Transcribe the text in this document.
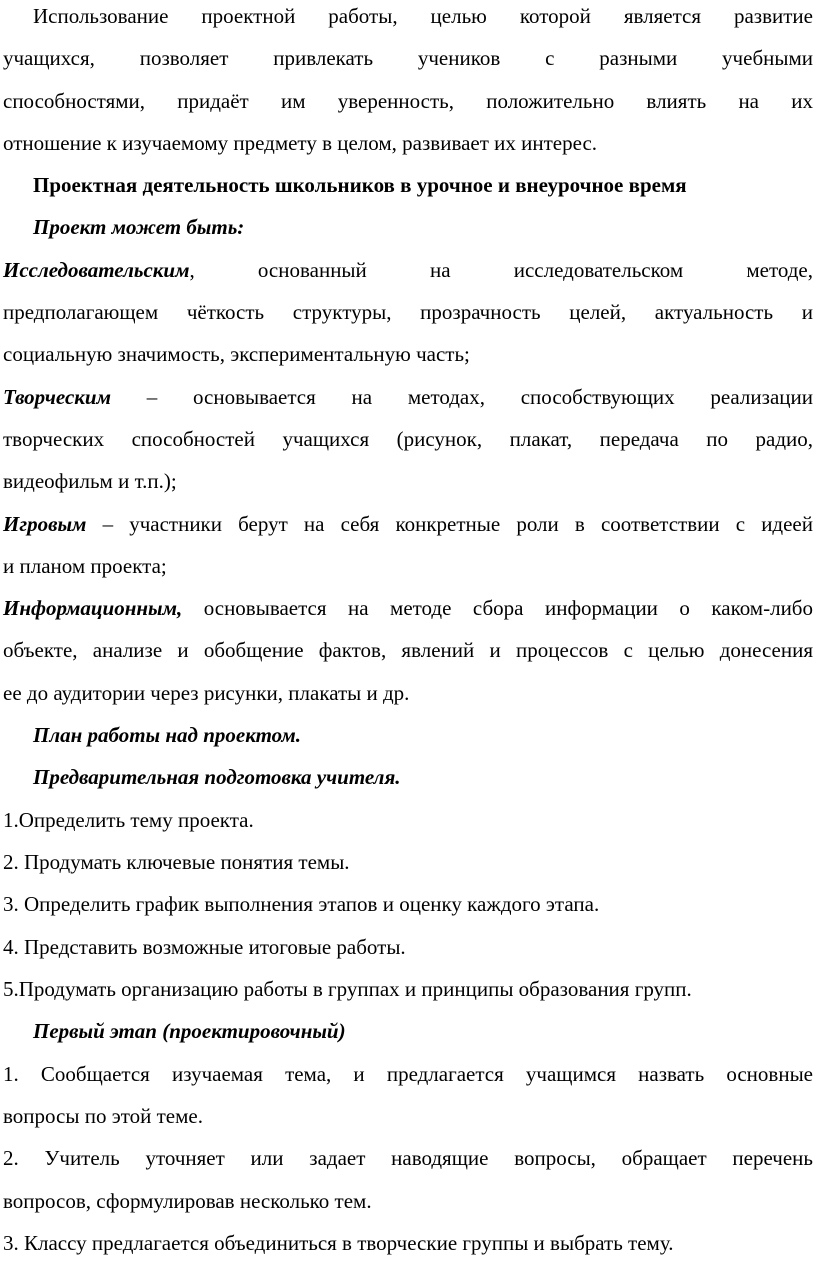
Использование проектной работы, целью которой является развитие
учащихся, позволяет привлекать учеников с разными учебными
способностями, придаёт им уверенность, положительно влиять на их
отношение к изучаемому предмету в целом, развивает их интерес.
Проектная деятельность школьников в урочное и внеурочное время
Проект может быть:
Исследовательским, основанный на исследовательском методе,
предполагающем чёткость структуры, прозрачность целей, актуальность и
социальную значимость, экспериментальную часть;
Творческим – основывается на методах, способствующих реализации
творческих способностей учащихся (рисунок, плакат, передача по радио,
видеофильм и т.п.);
Игровым – участники берут на себя конкретные роли в соответствии с идеей
и планом проекта;
Информационным, основывается на методе сбора информации о каком-либо
объекте, анализе и обобщение фактов, явлений и процессов с целью донесения
ее до аудитории через рисунки, плакаты и др.
План работы над проектом.
Предварительная подготовка учителя.
1.Определить тему проекта.
2. Продумать ключевые понятия темы.
3. Определить график выполнения этапов и оценку каждого этапа.
4. Представить возможные итоговые работы.
5.Продумать организацию работы в группах и принципы образования групп.
Первый этап (проектировочный)
1. Сообщается изучаемая тема, и предлагается учащимся назвать основные
вопросы по этой теме.
2. Учитель уточняет или задает наводящие вопросы, обращает перечень
вопросов, сформулировав несколько тем.
3. Классу предлагается объединиться в творческие группы и выбрать тему.
